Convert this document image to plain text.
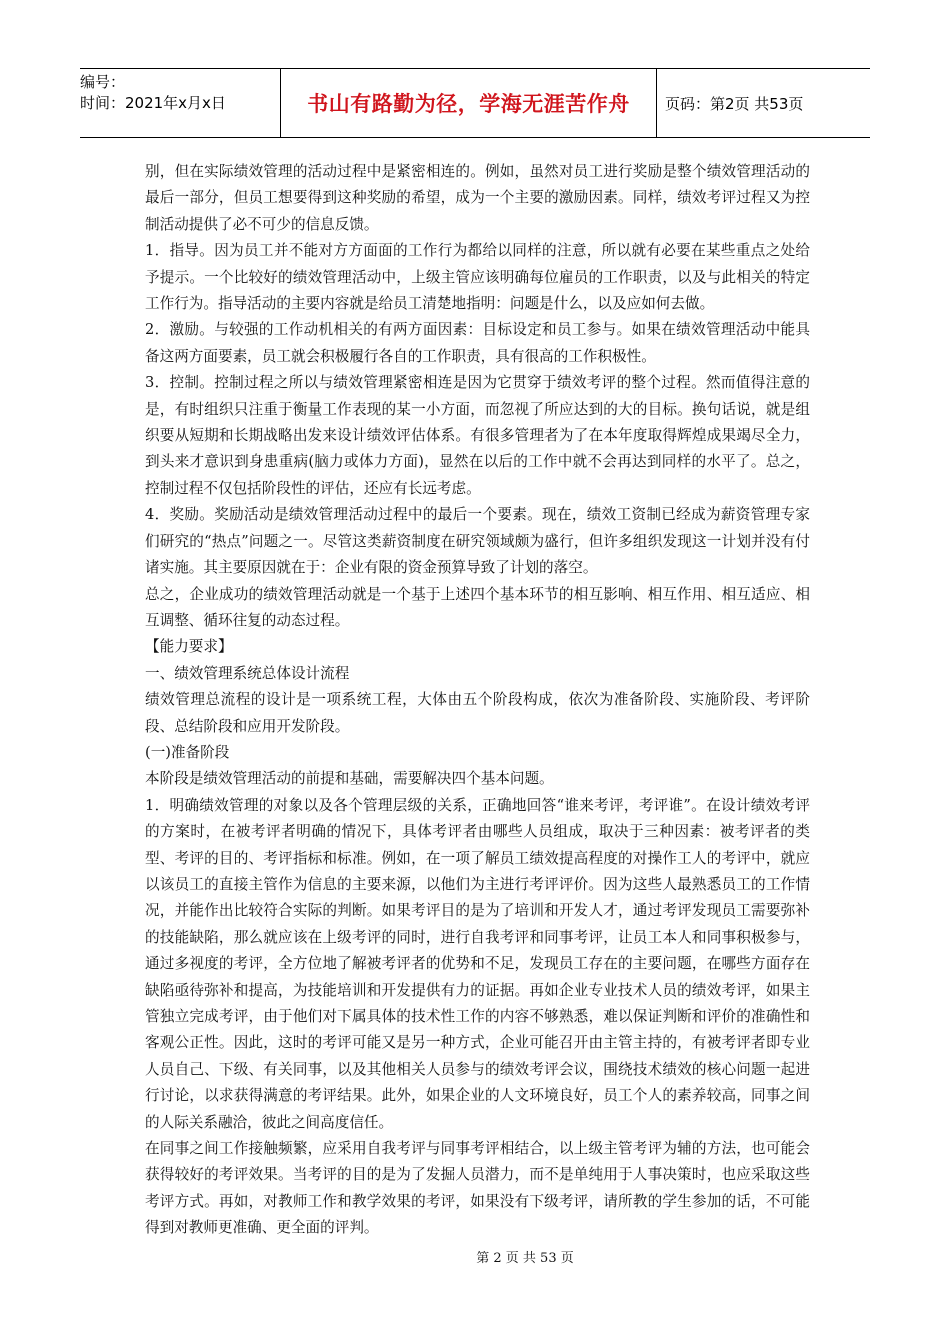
编号：
时间：2021年x月x日	书山有路勤为径，学海无涯苦作舟	页码：第2页 共53页

别，但在实际绩效管理的活动过程中是紧密相连的。例如，虽然对员工进行奖励是整个绩效管理活动的最后一部分，但员工想要得到这种奖励的希望，成为一个主要的激励因素。同样，绩效考评过程又为控制活动提供了必不可少的信息反馈。

1．指导。因为员工并不能对方方面面的工作行为都给以同样的注意，所以就有必要在某些重点之处给予提示。一个比较好的绩效管理活动中，上级主管应该明确每位雇员的工作职责，以及与此相关的特定工作行为。指导活动的主要内容就是给员工清楚地指明：问题是什么，以及应如何去做。

2．激励。与较强的工作动机相关的有两方面因素：目标设定和员工参与。如果在绩效管理活动中能具备这两方面要素，员工就会积极履行各自的工作职责，具有很高的工作积极性。

3．控制。控制过程之所以与绩效管理紧密相连是因为它贯穿于绩效考评的整个过程。然而值得注意的是，有时组织只注重于衡量工作表现的某一小方面，而忽视了所应达到的大的目标。换句话说，就是组织要从短期和长期战略出发来设计绩效评估体系。有很多管理者为了在本年度取得辉煌成果竭尽全力，到头来才意识到身患重病(脑力或体力方面)，显然在以后的工作中就不会再达到同样的水平了。总之，控制过程不仅包括阶段性的评估，还应有长远考虑。

4．奖励。奖励活动是绩效管理活动过程中的最后一个要素。现在，绩效工资制已经成为薪资管理专家们研究的“热点”问题之一。尽管这类薪资制度在研究领域颇为盛行，但许多组织发现这一计划并没有付诸实施。其主要原因就在于：企业有限的资金预算导致了计划的落空。

总之，企业成功的绩效管理活动就是一个基于上述四个基本环节的相互影响、相互作用、相互适应、相互调整、循环往复的动态过程。

【能力要求】

一、绩效管理系统总体设计流程

绩效管理总流程的设计是一项系统工程，大体由五个阶段构成，依次为准备阶段、实施阶段、考评阶段、总结阶段和应用开发阶段。

(一)准备阶段

本阶段是绩效管理活动的前提和基础，需要解决四个基本问题。

1．明确绩效管理的对象以及各个管理层级的关系，正确地回答“谁来考评，考评谁”。在设计绩效考评的方案时，在被考评者明确的情况下，具体考评者由哪些人员组成，取决于三种因素：被考评者的类型、考评的目的、考评指标和标准。例如，在一项了解员工绩效提高程度的对操作工人的考评中，就应以该员工的直接主管作为信息的主要来源，以他们为主进行考评评价。因为这些人最熟悉员工的工作情况，并能作出比较符合实际的判断。如果考评目的是为了培训和开发人才，通过考评发现员工需要弥补的技能缺陷，那么就应该在上级考评的同时，进行自我考评和同事考评，让员工本人和同事积极参与，通过多视度的考评，全方位地了解被考评者的优势和不足，发现员工存在的主要问题，在哪些方面存在缺陷亟待弥补和提高，为技能培训和开发提供有力的证据。再如企业专业技术人员的绩效考评，如果主管独立完成考评，由于他们对下属具体的技术性工作的内容不够熟悉，难以保证判断和评价的准确性和客观公正性。因此，这时的考评可能又是另一种方式，企业可能召开由主管主持的，有被考评者即专业人员自己、下级、有关同事，以及其他相关人员参与的绩效考评会议，围绕技术绩效的核心问题一起进行讨论，以求获得满意的考评结果。此外，如果企业的人文环境良好，员工个人的素养较高，同事之间的人际关系融洽，彼此之间高度信任。

在同事之间工作接触频繁，应采用自我考评与同事考评相结合，以上级主管考评为辅的方法，也可能会获得较好的考评效果。当考评的目的是为了发掘人员潜力，而不是单纯用于人事决策时，也应采取这些考评方式。再如，对教师工作和教学效果的考评，如果没有下级考评，请所教的学生参加的话，不可能得到对教师更准确、更全面的评判。

第 2 页 共 53 页
